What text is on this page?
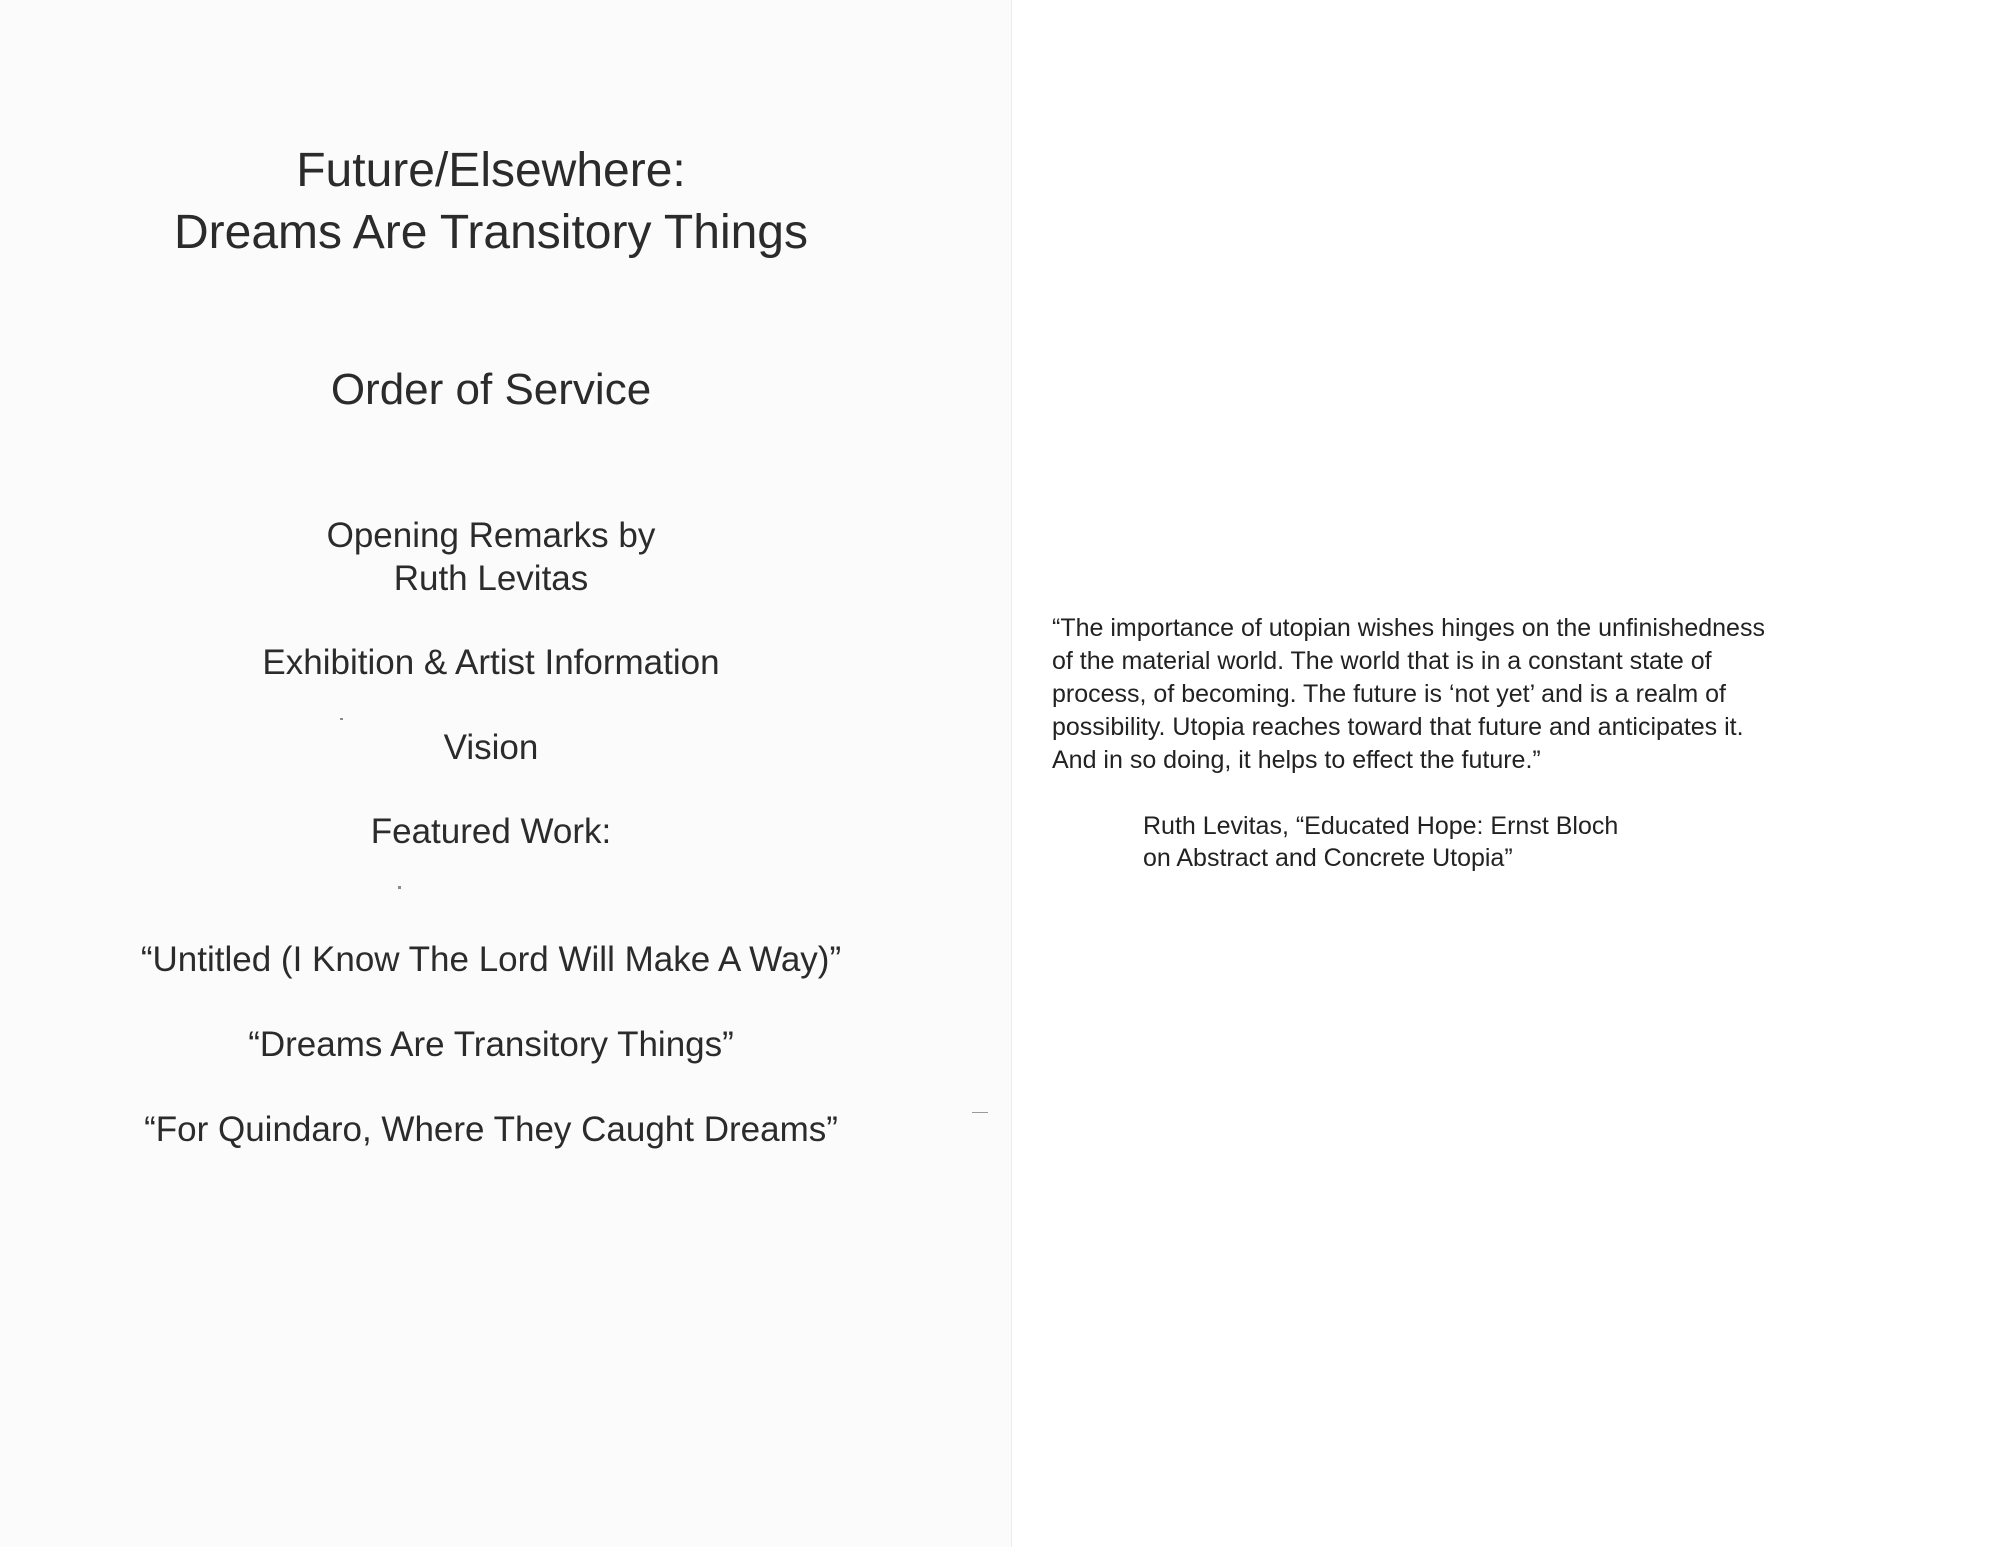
Future/Elsewhere:
Dreams Are Transitory Things
Order of Service
Opening Remarks by
Ruth Levitas
Exhibition & Artist Information
Vision
Featured Work:
“Untitled (I Know The Lord Will Make A Way)”
“Dreams Are Transitory Things”
“For Quindaro, Where They Caught Dreams”
“The importance of utopian wishes hinges on the unfinishedness
of the material world. The world that is in a constant state of
process, of becoming. The future is ‘not yet’ and is a realm of
possibility. Utopia reaches toward that future and anticipates it.
And in so doing, it helps to effect the future.”
Ruth Levitas, “Educated Hope: Ernst Bloch
on Abstract and Concrete Utopia”
